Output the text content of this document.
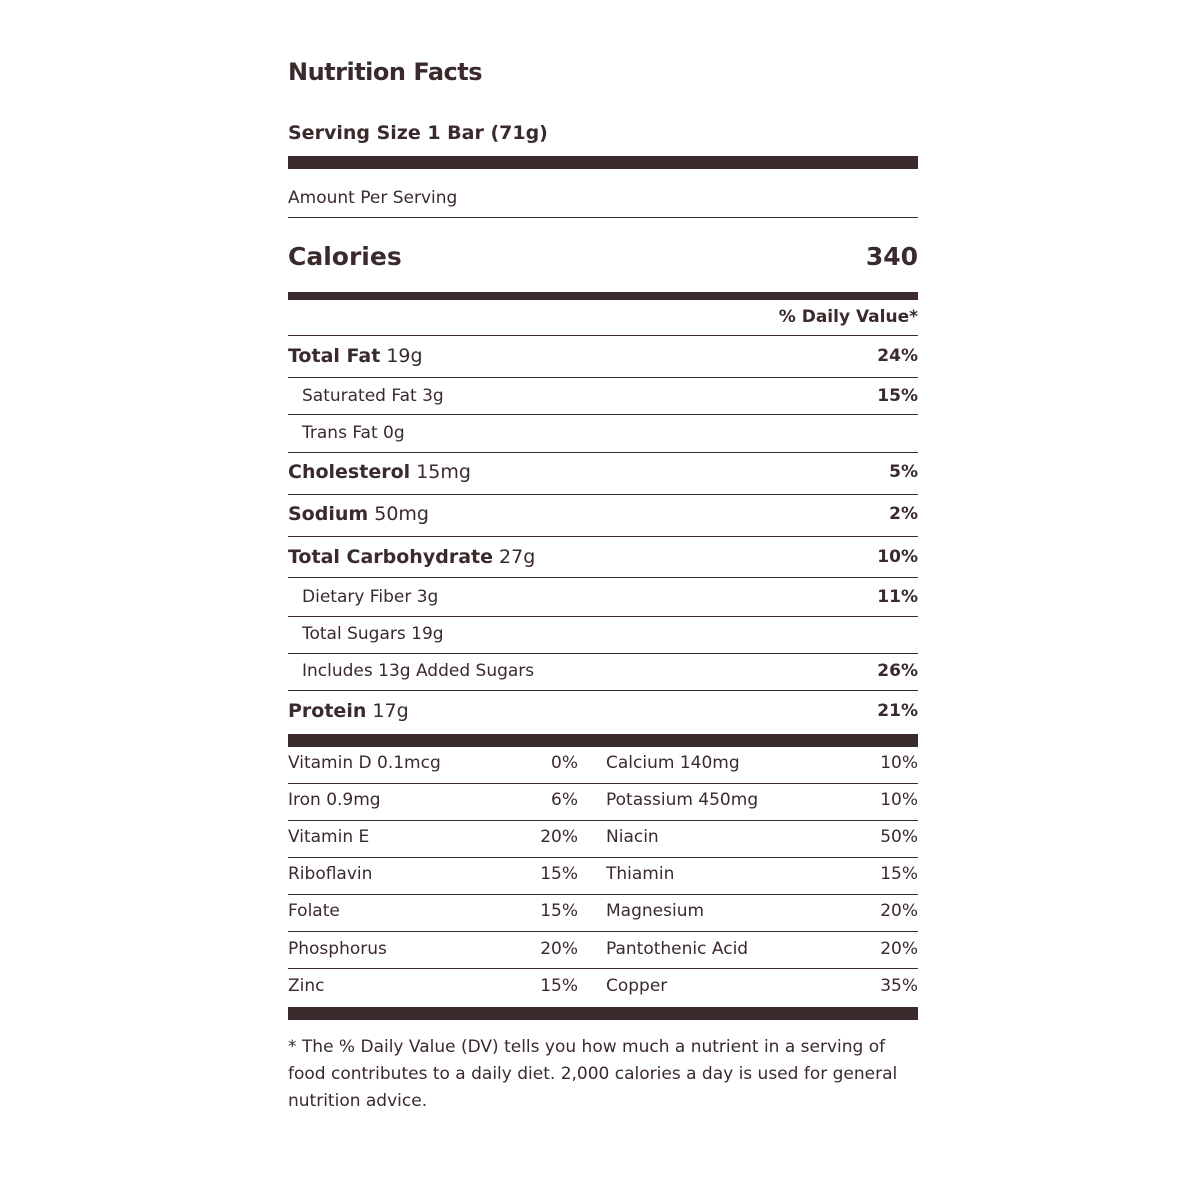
Nutrition Facts
Serving Size 1 Bar (71g)
Amount Per Serving
Calories	340
% Daily Value*
Total Fat 19g	24%
Saturated Fat 3g	15%
Trans Fat 0g
Cholesterol 15mg	5%
Sodium 50mg	2%
Total Carbohydrate 27g	10%
Dietary Fiber 3g	11%
Total Sugars 19g
Includes 13g Added Sugars	26%
Protein 17g	21%
Vitamin D 0.1mcg	0% Calcium 140mg	10%
Iron 0.9mg	6% Potassium 450mg	10%
Vitamin E	20% Niacin	50%
Riboflavin	15% Thiamin	15%
Folate	15% Magnesium	20%
Phosphorus	20% Pantothenic Acid	20%
Zinc	15% Copper	35%
* The % Daily Value (DV) tells you how much a nutrient in a serving of food contributes to a daily diet. 2,000 calories a day is used for general nutrition advice.
